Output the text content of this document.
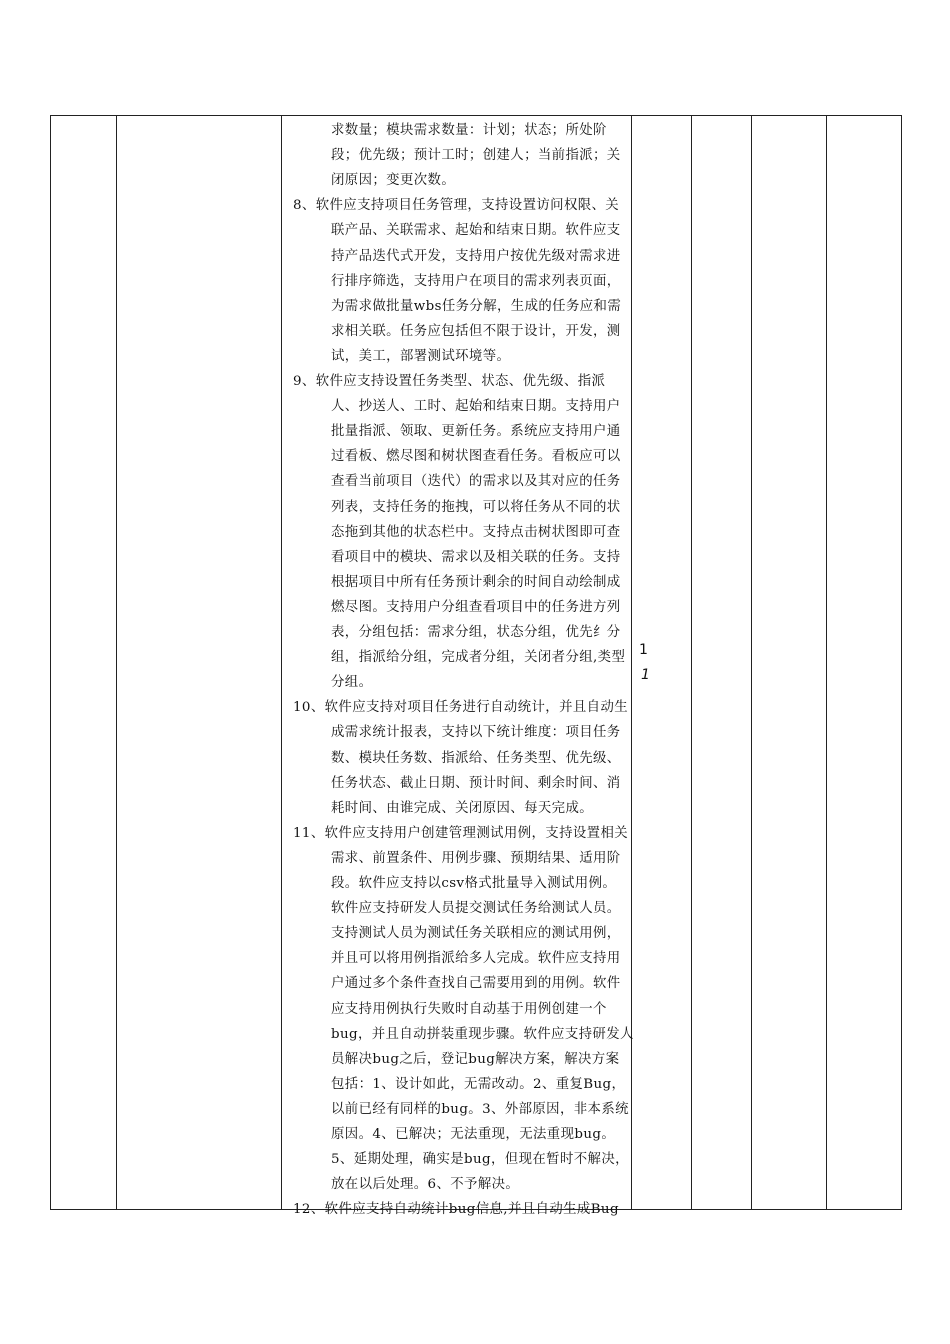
求数量；模块需求数量：计划；状态；所处阶
段；优先级；预计工时；创建人；当前指派；关
闭原因；变更次数。
8、软件应支持项目任务管理，支持设置访问权限、关
联产品、关联需求、起始和结束日期。软件应支
持产品迭代式开发，支持用户按优先级对需求进
行排序筛选，支持用户在项目的需求列表页面，
为需求做批量wbs任务分解，生成的任务应和需
求相关联。任务应包括但不限于设计，开发，测
试，美工，部署测试环境等。
9、软件应支持设置任务类型、状态、优先级、指派
人、抄送人、工时、起始和结束日期。支持用户
批量指派、领取、更新任务。系统应支持用户通
过看板、燃尽图和树状图查看任务。看板应可以
查看当前项目（迭代）的需求以及其对应的任务
列表，支持任务的拖拽，可以将任务从不同的状
态拖到其他的状态栏中。支持点击树状图即可查
看项目中的模块、需求以及相关联的任务。支持
根据项目中所有任务预计剩余的时间自动绘制成
燃尽图。支持用户分组查看项目中的任务进方列
表，分组包括：需求分组，状态分组，优先纟分
组，指派给分组，完成者分组，关闭者分组,类型
分组。
10、软件应支持对项目任务进行自动统计，并且自动生
成需求统计报表，支持以下统计维度：项目任务
数、模块任务数、指派给、任务类型、优先级、
任务状态、截止日期、预计时间、剩余时间、消
耗时间、由谁完成、关闭原因、每天完成。
11、软件应支持用户创建管理测试用例，支持设置相关
需求、前置条件、用例步骤、预期结果、适用阶
段。软件应支持以csv格式批量导入测试用例。
软件应支持研发人员提交测试任务给测试人员。
支持测试人员为测试任务关联相应的测试用例，
并且可以将用例指派给多人完成。软件应支持用
户通过多个条件查找自己需要用到的用例。软件
应支持用例执行失败时自动基于用例创建一个
bug，并且自动拼装重现步骤。软件应支持研发人
员解决bug之后，登记bug解决方案，解决方案
包括：1、设计如此，无需改动。2、重复Bug，
以前已经有同样的bug。3、外部原因，非本系统
原因。4、已解决；无法重现，无法重现bug。
5、延期处理，确实是bug，但现在暂时不解决，
放在以后处理。6、不予解决。
12、软件应支持自动统计bug信息,并且自动生成Bug
1
1
